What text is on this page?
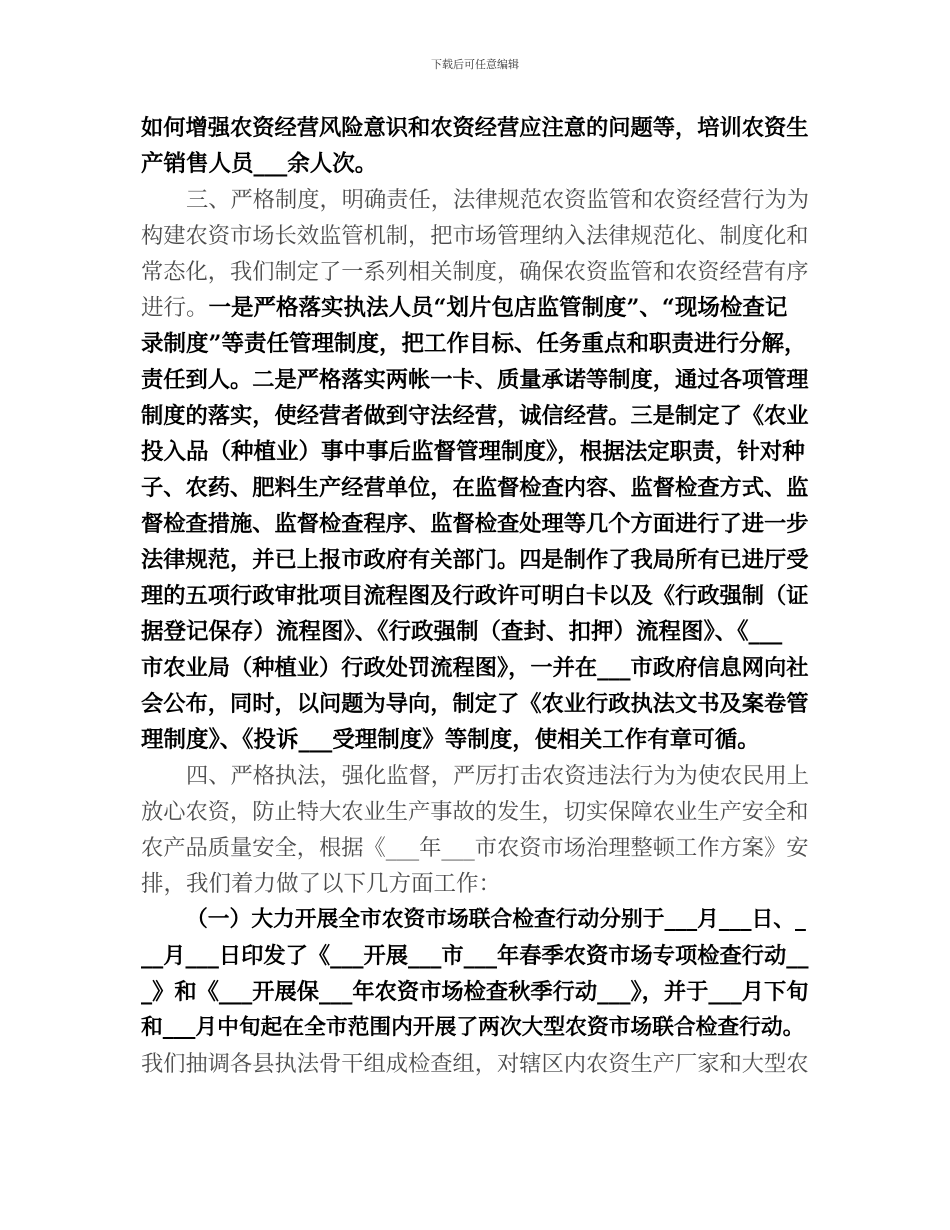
下载后可任意编辑
如何增强农资经营风险意识和农资经营应注意的问题等，培训农资生
产销售人员___余人次。
三、严格制度，明确责任，法律规范农资监管和农资经营行为为
构建农资市场长效监管机制，把市场管理纳入法律规范化、制度化和
常态化，我们制定了一系列相关制度，确保农资监管和农资经营有序
进行。一是严格落实执法人员“划片包店监管制度”、“现场检查记
录制度”等责任管理制度，把工作目标、任务重点和职责进行分解，
责任到人。二是严格落实两帐一卡、质量承诺等制度，通过各项管理
制度的落实，使经营者做到守法经营，诚信经营。三是制定了《农业
投入品（种植业）事中事后监督管理制度》，根据法定职责，针对种
子、农药、肥料生产经营单位，在监督检查内容、监督检查方式、监
督检查措施、监督检查程序、监督检查处理等几个方面进行了进一步
法律规范，并已上报市政府有关部门。四是制作了我局所有已进厅受
理的五项行政审批项目流程图及行政许可明白卡以及《行政强制（证
据登记保存）流程图》、《行政强制（查封、扣押）流程图》、《___
市农业局（种植业）行政处罚流程图》，一并在___市政府信息网向社
会公布，同时，以问题为导向，制定了《农业行政执法文书及案卷管
理制度》、《投诉___受理制度》等制度，使相关工作有章可循。
四、严格执法，强化监督，严厉打击农资违法行为为使农民用上
放心农资，防止特大农业生产事故的发生，切实保障农业生产安全和
农产品质量安全，根据《___年___市农资市场治理整顿工作方案》安
排，我们着力做了以下几方面工作：
（一）大力开展全市农资市场联合检查行动分别于___月___日、_
__月___日印发了《___开展___市___年春季农资市场专项检查行动__
_》和《___开展保___年农资市场检查秋季行动___》，并于___月下旬
和___月中旬起在全市范围内开展了两次大型农资市场联合检查行动。
我们抽调各县执法骨干组成检查组，对辖区内农资生产厂家和大型农
